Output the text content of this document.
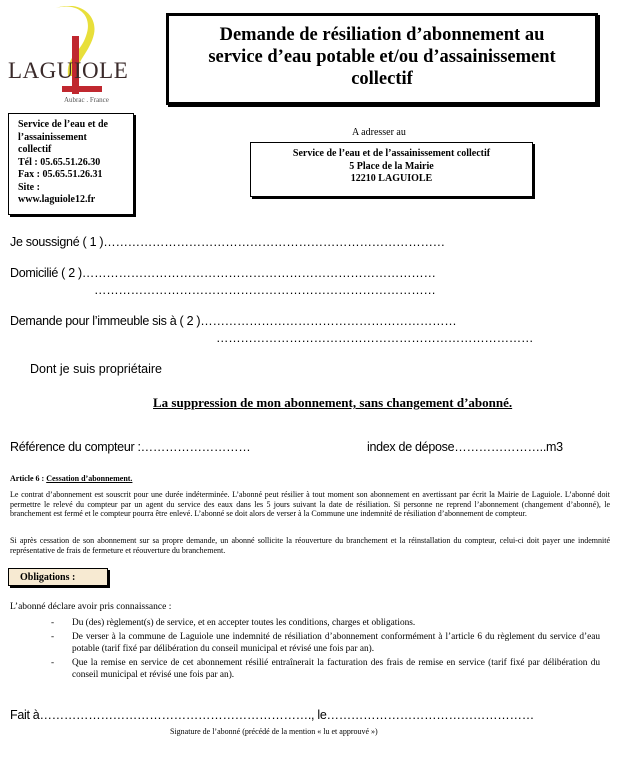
LAGUIOLE
Aubrac . France
Demande de résiliation d’abonnement au
service d’eau potable et/ou d’assainissement
collectif
Service de l’eau et de
l’assainissement
collectif
Tél : 05.65.51.26.30
Fax : 05.65.51.26.31
Site :
www.laguiole12.fr
A adresser au
Service de l’eau et de l’assainissement collectif
5 Place de la Mairie
12210 LAGUIOLE
Je soussigné ( 1 )…………………………………………………………………………
Domicilié ( 2 )……………………………………………………………………………
…………………………………………………………………………
Demande pour l’immeuble sis à ( 2 )………………………………………………………
……………………………………………………………………
Dont je suis propriétaire
La suppression de mon abonnement, sans changement d’abonné.
Référence du compteur :………………………	index de dépose…………………..m3
Article 6 : Cessation d’abonnement.
Le contrat d’abonnement est souscrit pour une durée indéterminée. L’abonné peut résilier à tout moment son abonnement en avertissant par écrit la Mairie de Laguiole. L’abonné doit permettre le relevé du compteur par un agent du service des eaux dans les 5 jours suivant la date de résiliation. Si personne ne reprend l’abonnement (changement d’abonné), le branchement est fermé et le compteur pourra être enlevé. L’abonné se doit alors de verser à la Commune une indemnité de résiliation d’abonnement de compteur.
Si après cessation de son abonnement sur sa propre demande, un abonné sollicite la réouverture du branchement et la réinstallation du compteur, celui-ci doit payer une indemnité représentative de frais de fermeture et réouverture du branchement.
Obligations :
L’abonné déclare avoir pris connaissance :
- Du (des) règlement(s) de service, et en accepter toutes les conditions, charges et obligations.
- De verser à la commune de Laguiole une indemnité de résiliation d’abonnement conformément à l’article 6 du règlement du service d’eau potable (tarif fixé par délibération du conseil municipal et révisé une fois par an).
- Que la remise en service de cet abonnement résilié entraînerait la facturation des frais de remise en service (tarif fixé par délibération du conseil municipal et révisé une fois par an).
Fait à…………………………………………………………., le……………………………………………
Signature de l’abonné (précédé de la mention « lu et approuvé »)
